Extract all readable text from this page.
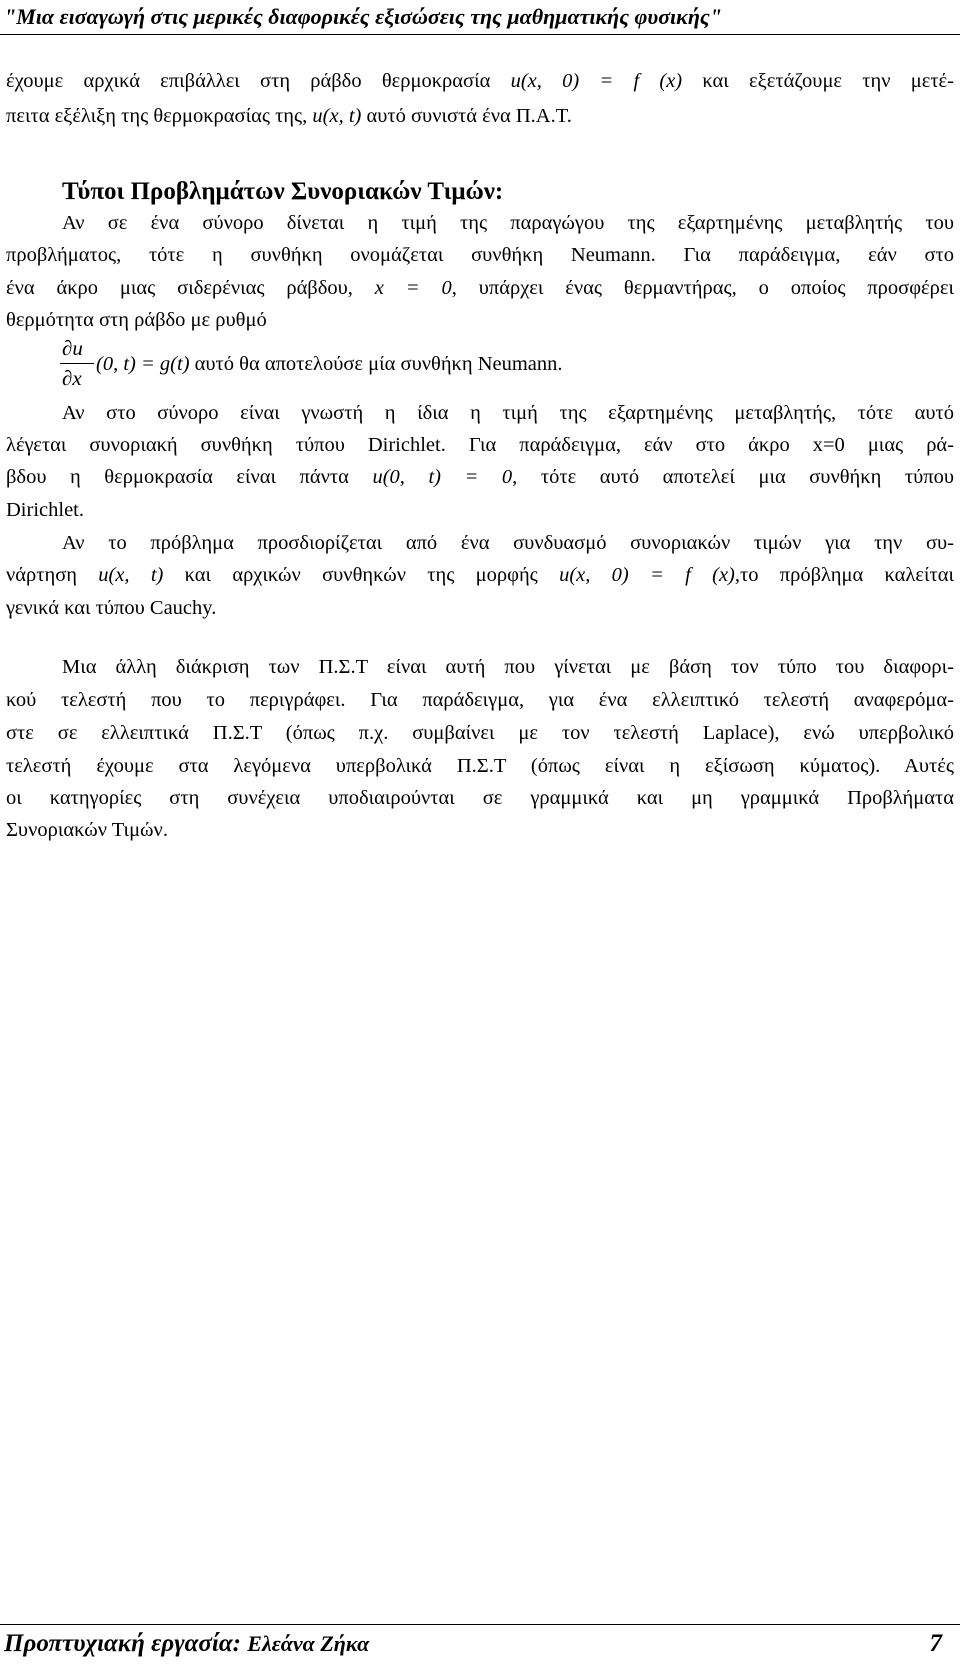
"Μια εισαγωγή στις μερικές διαφορικές εξισώσεις της μαθηματικής φυσικής"
έχουμε αρχικά επιβάλλει στη ράβδο θερμοκρασία u(x, 0) = f (x) και εξετάζουμε την μετέ-
πειτα εξέλιξη της θερμοκρασίας της, u(x, t) αυτό συνιστά ένα Π.Α.Τ.
Τύποι Προβλημάτων Συνοριακών Τιμών:
Αν σε ένα σύνορο δίνεται η τιμή της παραγώγου της εξαρτημένης μεταβλητής του
προβλήματος, τότε η συνθήκη ονομάζεται συνθήκη Neumann. Για παράδειγμα, εάν στο
ένα άκρο μιας σιδερένιας ράβδου, x = 0, υπάρχει ένας θερμαντήρας, ο οποίος προσφέρει
θερμότητα στη ράβδο με ρυθμό
∂u
∂x
(0, t) = g(t) αυτό θα αποτελούσε μία συνθήκη Neumann.
Αν στο σύνορο είναι γνωστή η ίδια η τιμή της εξαρτημένης μεταβλητής, τότε αυτό
λέγεται συνοριακή συνθήκη τύπου Dirichlet. Για παράδειγμα, εάν στο άκρο x=0 μιας ρά-
βδου η θερμοκρασία είναι πάντα u(0, t) = 0, τότε αυτό αποτελεί μια συνθήκη τύπου
Dirichlet.
Αν το πρόβλημα προσδιορίζεται από ένα συνδυασμό συνοριακών τιμών για την συ-
νάρτηση u(x, t) και αρχικών συνθηκών της μορφής u(x, 0) = f (x),το πρόβλημα καλείται
γενικά και τύπου Cauchy.
Μια άλλη διάκριση των Π.Σ.Τ είναι αυτή που γίνεται με βάση τον τύπο του διαφορι-
κού τελεστή που το περιγράφει. Για παράδειγμα, για ένα ελλειπτικό τελεστή αναφερόμα-
στε σε ελλειπτικά Π.Σ.Τ (όπως π.χ. συμβαίνει με τον τελεστή Laplace), ενώ υπερβολικό
τελεστή έχουμε στα λεγόμενα υπερβολικά Π.Σ.Τ (όπως είναι η εξίσωση κύματος). Αυτές
οι κατηγορίες στη συνέχεια υποδιαιρούνται σε γραμμικά και μη γραμμικά Προβλήματα
Συνοριακών Τιμών.
Προπτυχιακή εργασία: Ελεάνα Ζήκα	7
